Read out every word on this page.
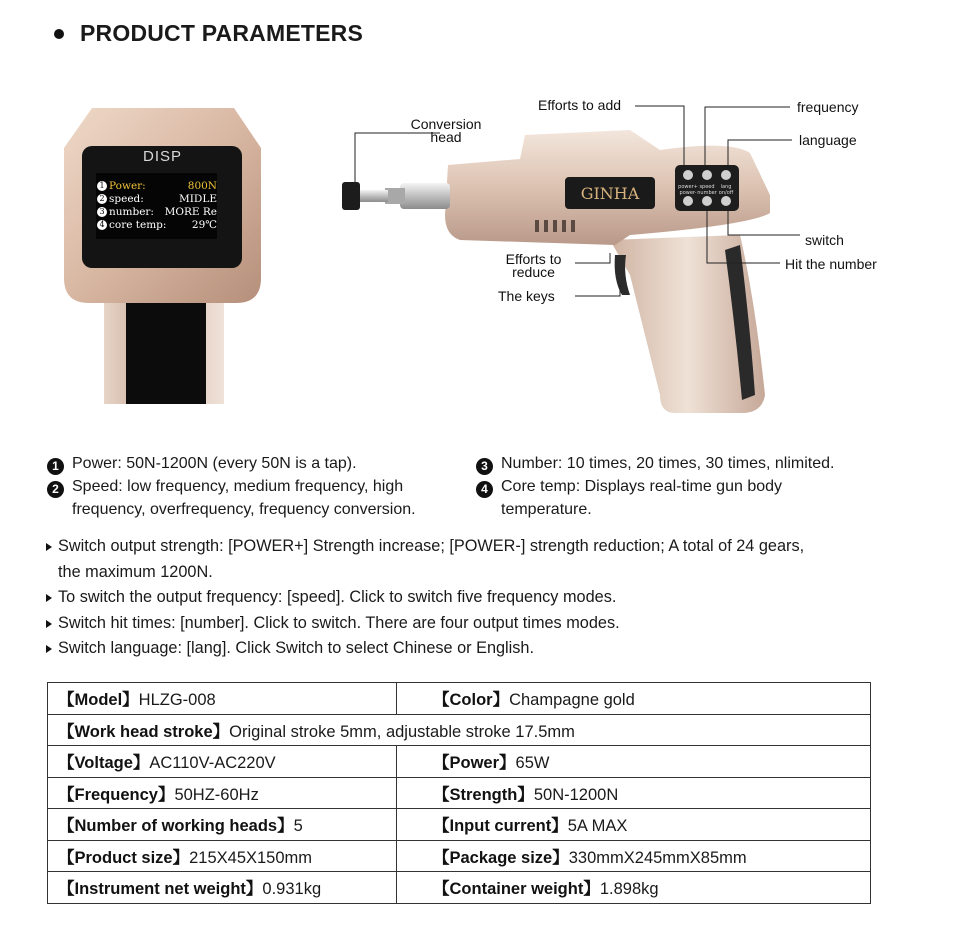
PRODUCT PARAMETERS
DISP
1 Power:	800N
2 speed:	MIDLE
3 number: MORE Re
4 core temp: 29℃
GINHA	power+ speed lang
power- number on/off
Conversion
head
Efforts to add	frequency
language
switch
Hit the number
Efforts to
reduce
The keys
1 Power: 50N-1200N (every 50N is a tap).
2 Speed: low frequency, medium frequency, high
frequency, overfrequency, frequency conversion.
3 Number: 10 times, 20 times, 30 times, nlimited.
4 Core temp: Displays real-time gun body
temperature.
Switch output strength: [POWER+] Strength increase; [POWER-] strength reduction; A total of 24 gears,
the maximum 1200N.
To switch the output frequency: [speed]. Click to switch five frequency modes.
Switch hit times: [number]. Click to switch. There are four output times modes.
Switch language: [lang]. Click Switch to select Chinese or English.
【Model】HLZG-008	【Color】Champagne gold
【Work head stroke】Original stroke 5mm, adjustable stroke 17.5mm	
【Voltage】AC110V-AC220V	【Power】65W
【Frequency】50HZ-60Hz	【Strength】50N-1200N
【Number of working heads】5	【Input current】5A MAX
【Product size】215X45X150mm	【Package size】330mmX245mmX85mm
【Instrument net weight】0.931kg	【Container weight】1.898kg
